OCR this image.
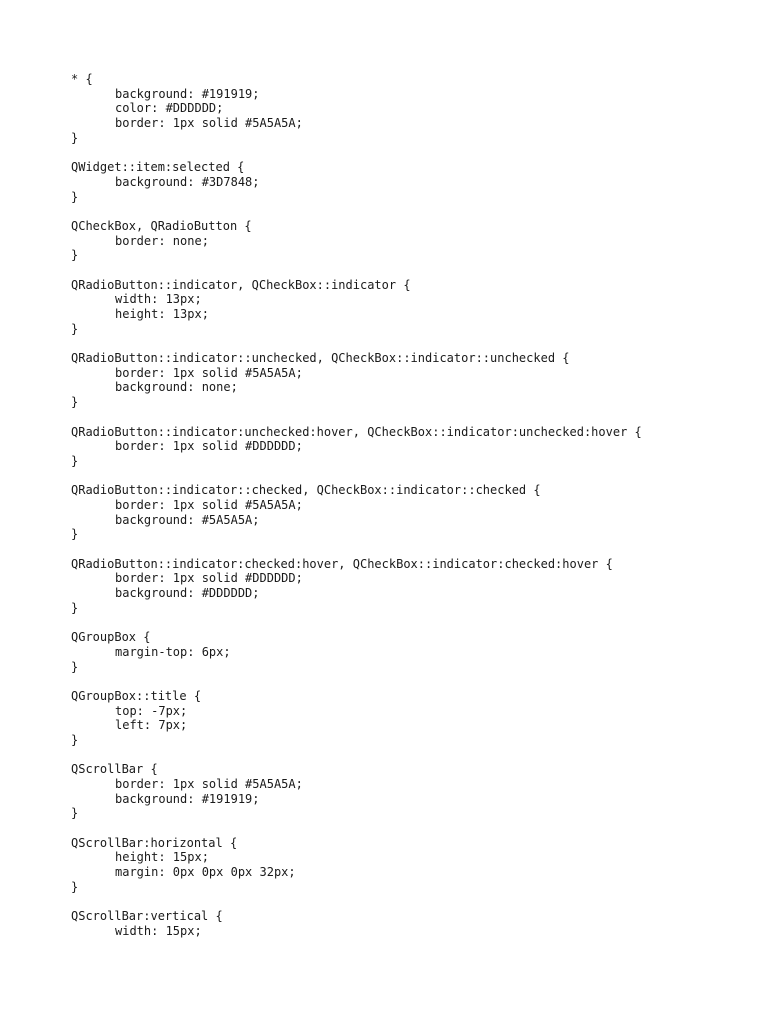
* {
background: #191919;
color: #DDDDDD;
border: 1px solid #5A5A5A;
}
QWidget::item:selected {
background: #3D7848;
}
QCheckBox, QRadioButton {
border: none;
}
QRadioButton::indicator, QCheckBox::indicator {
width: 13px;
height: 13px;
}
QRadioButton::indicator::unchecked, QCheckBox::indicator::unchecked {
border: 1px solid #5A5A5A;
background: none;
}
QRadioButton::indicator:unchecked:hover, QCheckBox::indicator:unchecked:hover {
border: 1px solid #DDDDDD;
}
QRadioButton::indicator::checked, QCheckBox::indicator::checked {
border: 1px solid #5A5A5A;
background: #5A5A5A;
}
QRadioButton::indicator:checked:hover, QCheckBox::indicator:checked:hover {
border: 1px solid #DDDDDD;
background: #DDDDDD;
}
QGroupBox {
margin-top: 6px;
}
QGroupBox::title {
top: -7px;
left: 7px;
}
QScrollBar {
border: 1px solid #5A5A5A;
background: #191919;
}
QScrollBar:horizontal {
height: 15px;
margin: 0px 0px 0px 32px;
}
QScrollBar:vertical {
width: 15px;
